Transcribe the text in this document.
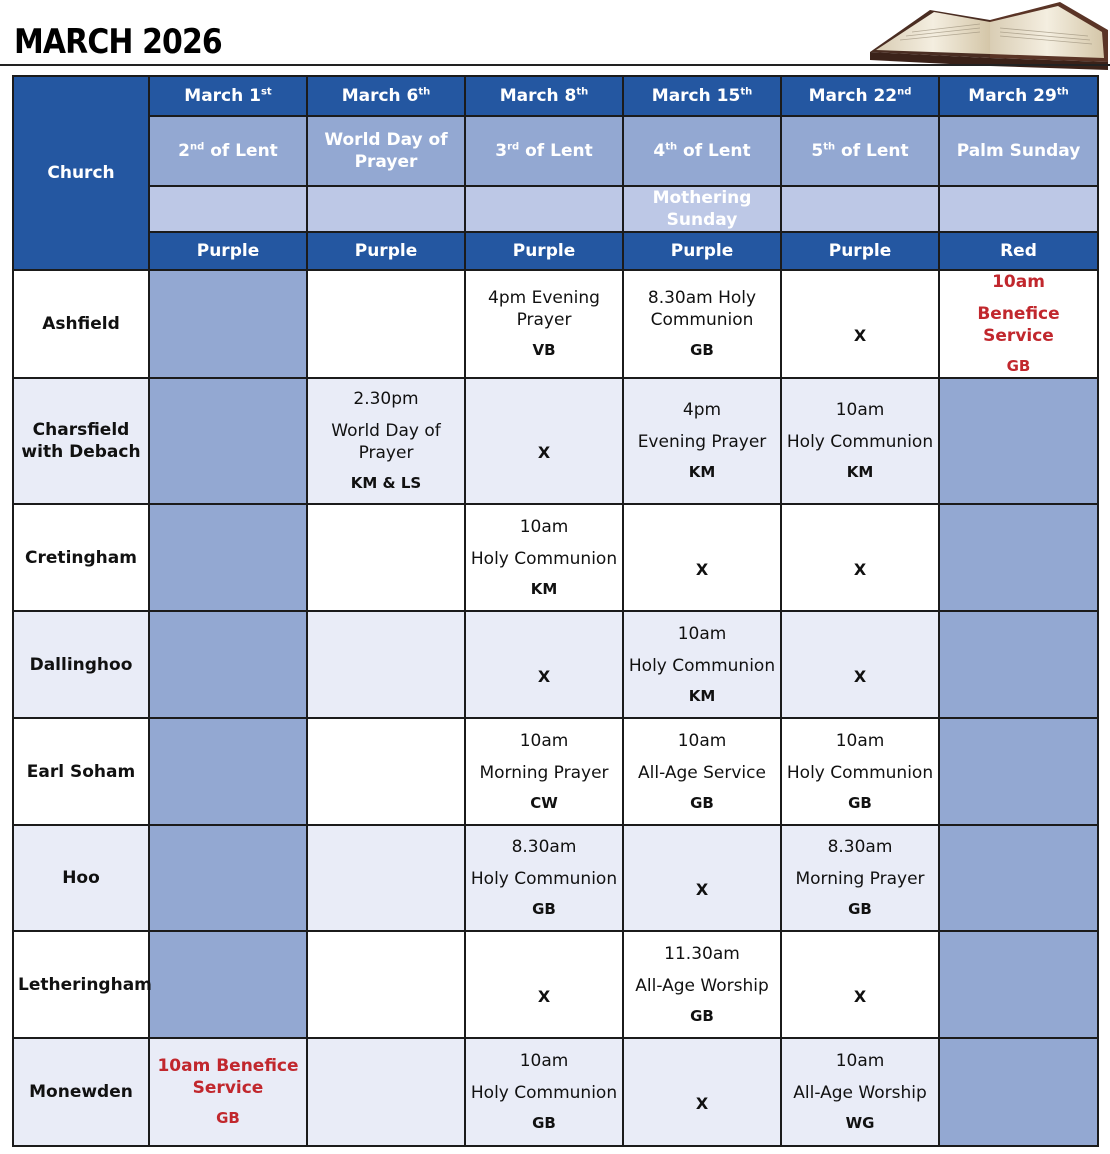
MARCH 2026
Church	March 1st	March 6th	March 8th	March 15th	March 22nd	March 29th
	2nd of Lent	World Day of Prayer	3rd of Lent	4th of Lent	5th of Lent	Palm Sunday
				Mothering Sunday		
	Purple	Purple	Purple	Purple	Purple	Red
Ashfield			4pm Evening Prayer
VB	8.30am Holy Communion
GB	X	10am
Benefice Service
GB

Charsfield with Debach		2.30pm
World Day of Prayer
KM & LS	X	4pm
Evening Prayer
KM	10am
Holy Communion
KM	

Cretingham			10am
Holy Communion
KM	X	X	

Dallinghoo			X	10am
Holy Communion
KM	X	

Earl Soham			10am
Morning Prayer
CW	10am
All-Age Service
GB	10am
Holy Communion
GB	

Hoo			8.30am
Holy Communion
GB	X	8.30am
Morning Prayer
GB	

Letheringham			X	11.30am
All-Age Worship
GB	X	

Monewden	10am Benefice Service
GB		10am
Holy Communion
GB	X	10am
All-Age Worship
WG	
